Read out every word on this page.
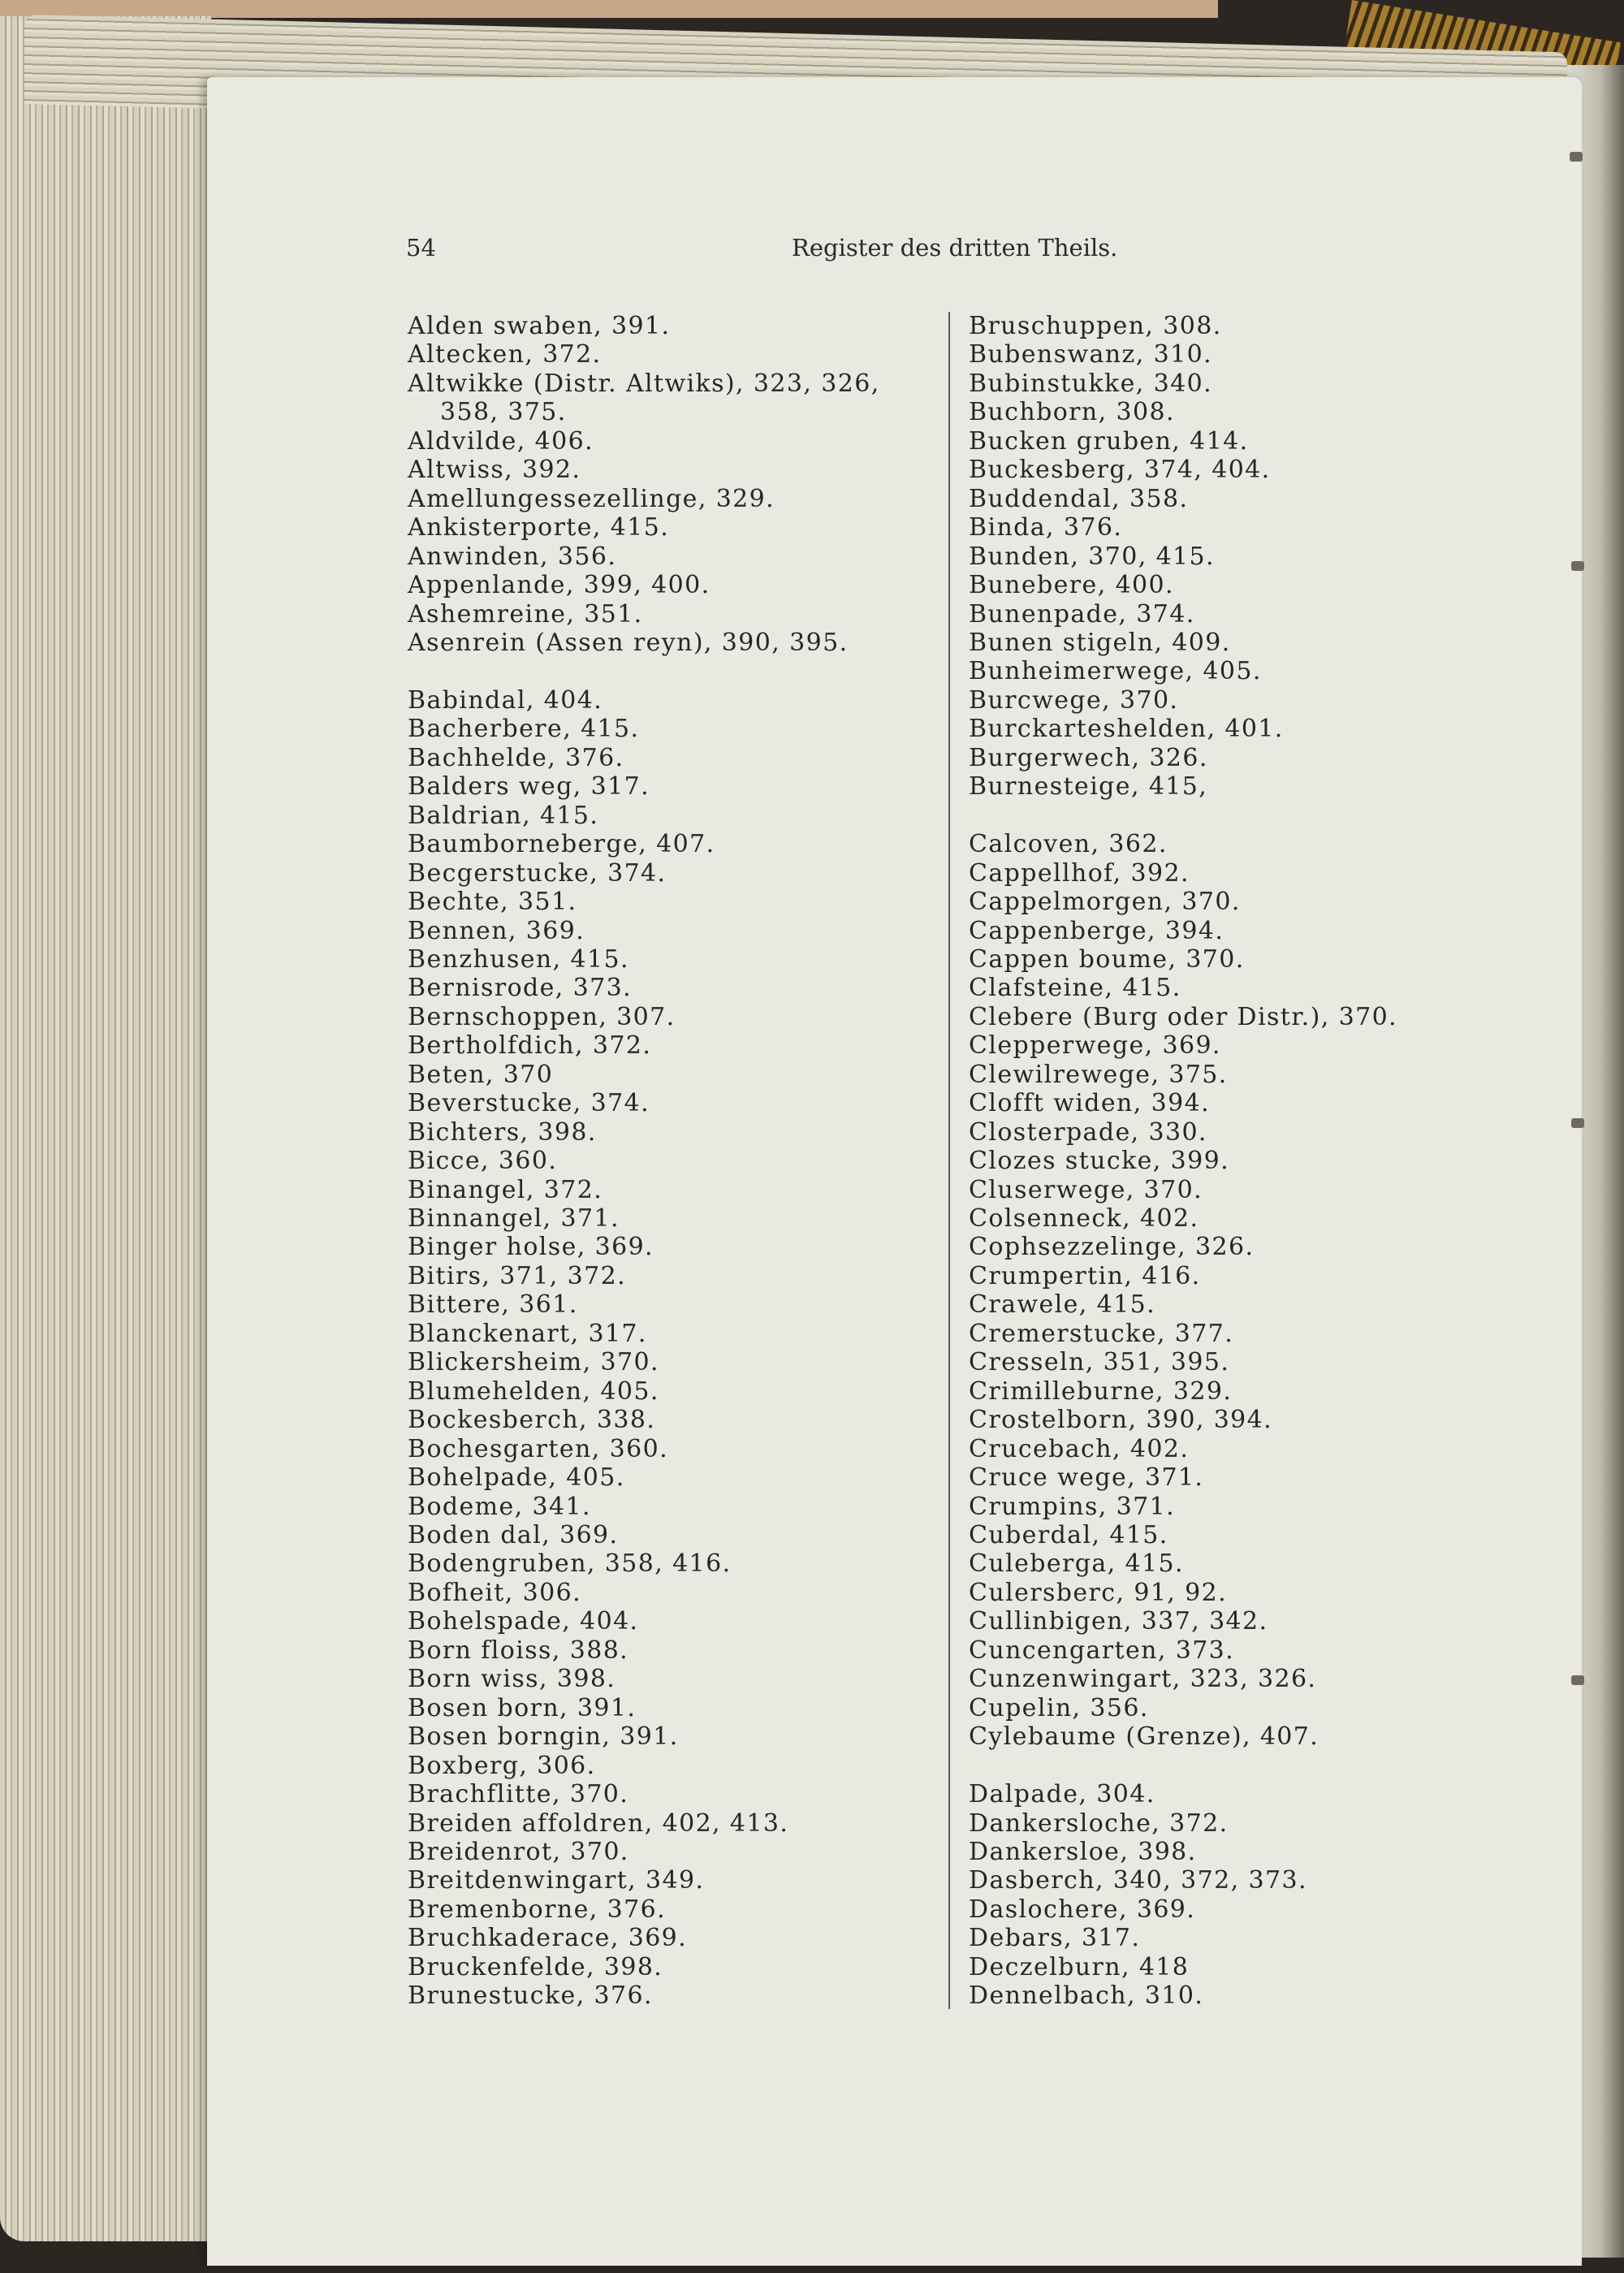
54	Register des dritten Theils.
Alden swaben, 391.
Altecken, 372.
Altwikke (Distr. Altwiks), 323, 326,
358, 375.
Aldvilde, 406.
Altwiss, 392.
Amellungessezellinge, 329.
Ankisterporte, 415.
Anwinden, 356.
Appenlande, 399, 400.
Ashemreine, 351.
Asenrein (Assen reyn), 390, 395.
Babindal, 404.
Bacherbere, 415.
Bachhelde, 376.
Balders weg, 317.
Baldrian, 415.
Baumborneberge, 407.
Becgerstucke, 374.
Bechte, 351.
Bennen, 369.
Benzhusen, 415.
Bernisrode, 373.
Bernschoppen, 307.
Bertholfdich, 372.
Beten, 370
Beverstucke, 374.
Bichters, 398.
Bicce, 360.
Binangel, 372.
Binnangel, 371.
Binger holse, 369.
Bitirs, 371, 372.
Bittere, 361.
Blanckenart, 317.
Blickersheim, 370.
Blumehelden, 405.
Bockesberch, 338.
Bochesgarten, 360.
Bohelpade, 405.
Bodeme, 341.
Boden dal, 369.
Bodengruben, 358, 416.
Bofheit, 306.
Bohelspade, 404.
Born floiss, 388.
Born wiss, 398.
Bosen born, 391.
Bosen borngin, 391.
Boxberg, 306.
Brachflitte, 370.
Breiden affoldren, 402, 413.
Breidenrot, 370.
Breitdenwingart, 349.
Bremenborne, 376.
Bruchkaderace, 369.
Bruckenfelde, 398.
Brunestucke, 376.
Bruschuppen, 308.
Bubenswanz, 310.
Bubinstukke, 340.
Buchborn, 308.
Bucken gruben, 414.
Buckesberg, 374, 404.
Buddendal, 358.
Binda, 376.
Bunden, 370, 415.
Bunebere, 400.
Bunenpade, 374.
Bunen stigeln, 409.
Bunheimerwege, 405.
Burcwege, 370.
Burckarteshelden, 401.
Burgerwech, 326.
Burnesteige, 415,
Calcoven, 362.
Cappellhof, 392.
Cappelmorgen, 370.
Cappenberge, 394.
Cappen boume, 370.
Clafsteine, 415.
Clebere (Burg oder Distr.), 370.
Clepperwege, 369.
Clewilrewege, 375.
Clofft widen, 394.
Closterpade, 330.
Clozes stucke, 399.
Cluserwege, 370.
Colsenneck, 402.
Cophsezzelinge, 326.
Crumpertin, 416.
Crawele, 415.
Cremerstucke, 377.
Cresseln, 351, 395.
Crimilleburne, 329.
Crostelborn, 390, 394.
Crucebach, 402.
Cruce wege, 371.
Crumpins, 371.
Cuberdal, 415.
Culeberga, 415.
Culersberc, 91, 92.
Cullinbigen, 337, 342.
Cuncengarten, 373.
Cunzenwingart, 323, 326.
Cupelin, 356.
Cylebaume (Grenze), 407.
Dalpade, 304.
Dankersloche, 372.
Dankersloe, 398.
Dasberch, 340, 372, 373.
Daslochere, 369.
Debars, 317.
Deczelburn, 418
Dennelbach, 310.
